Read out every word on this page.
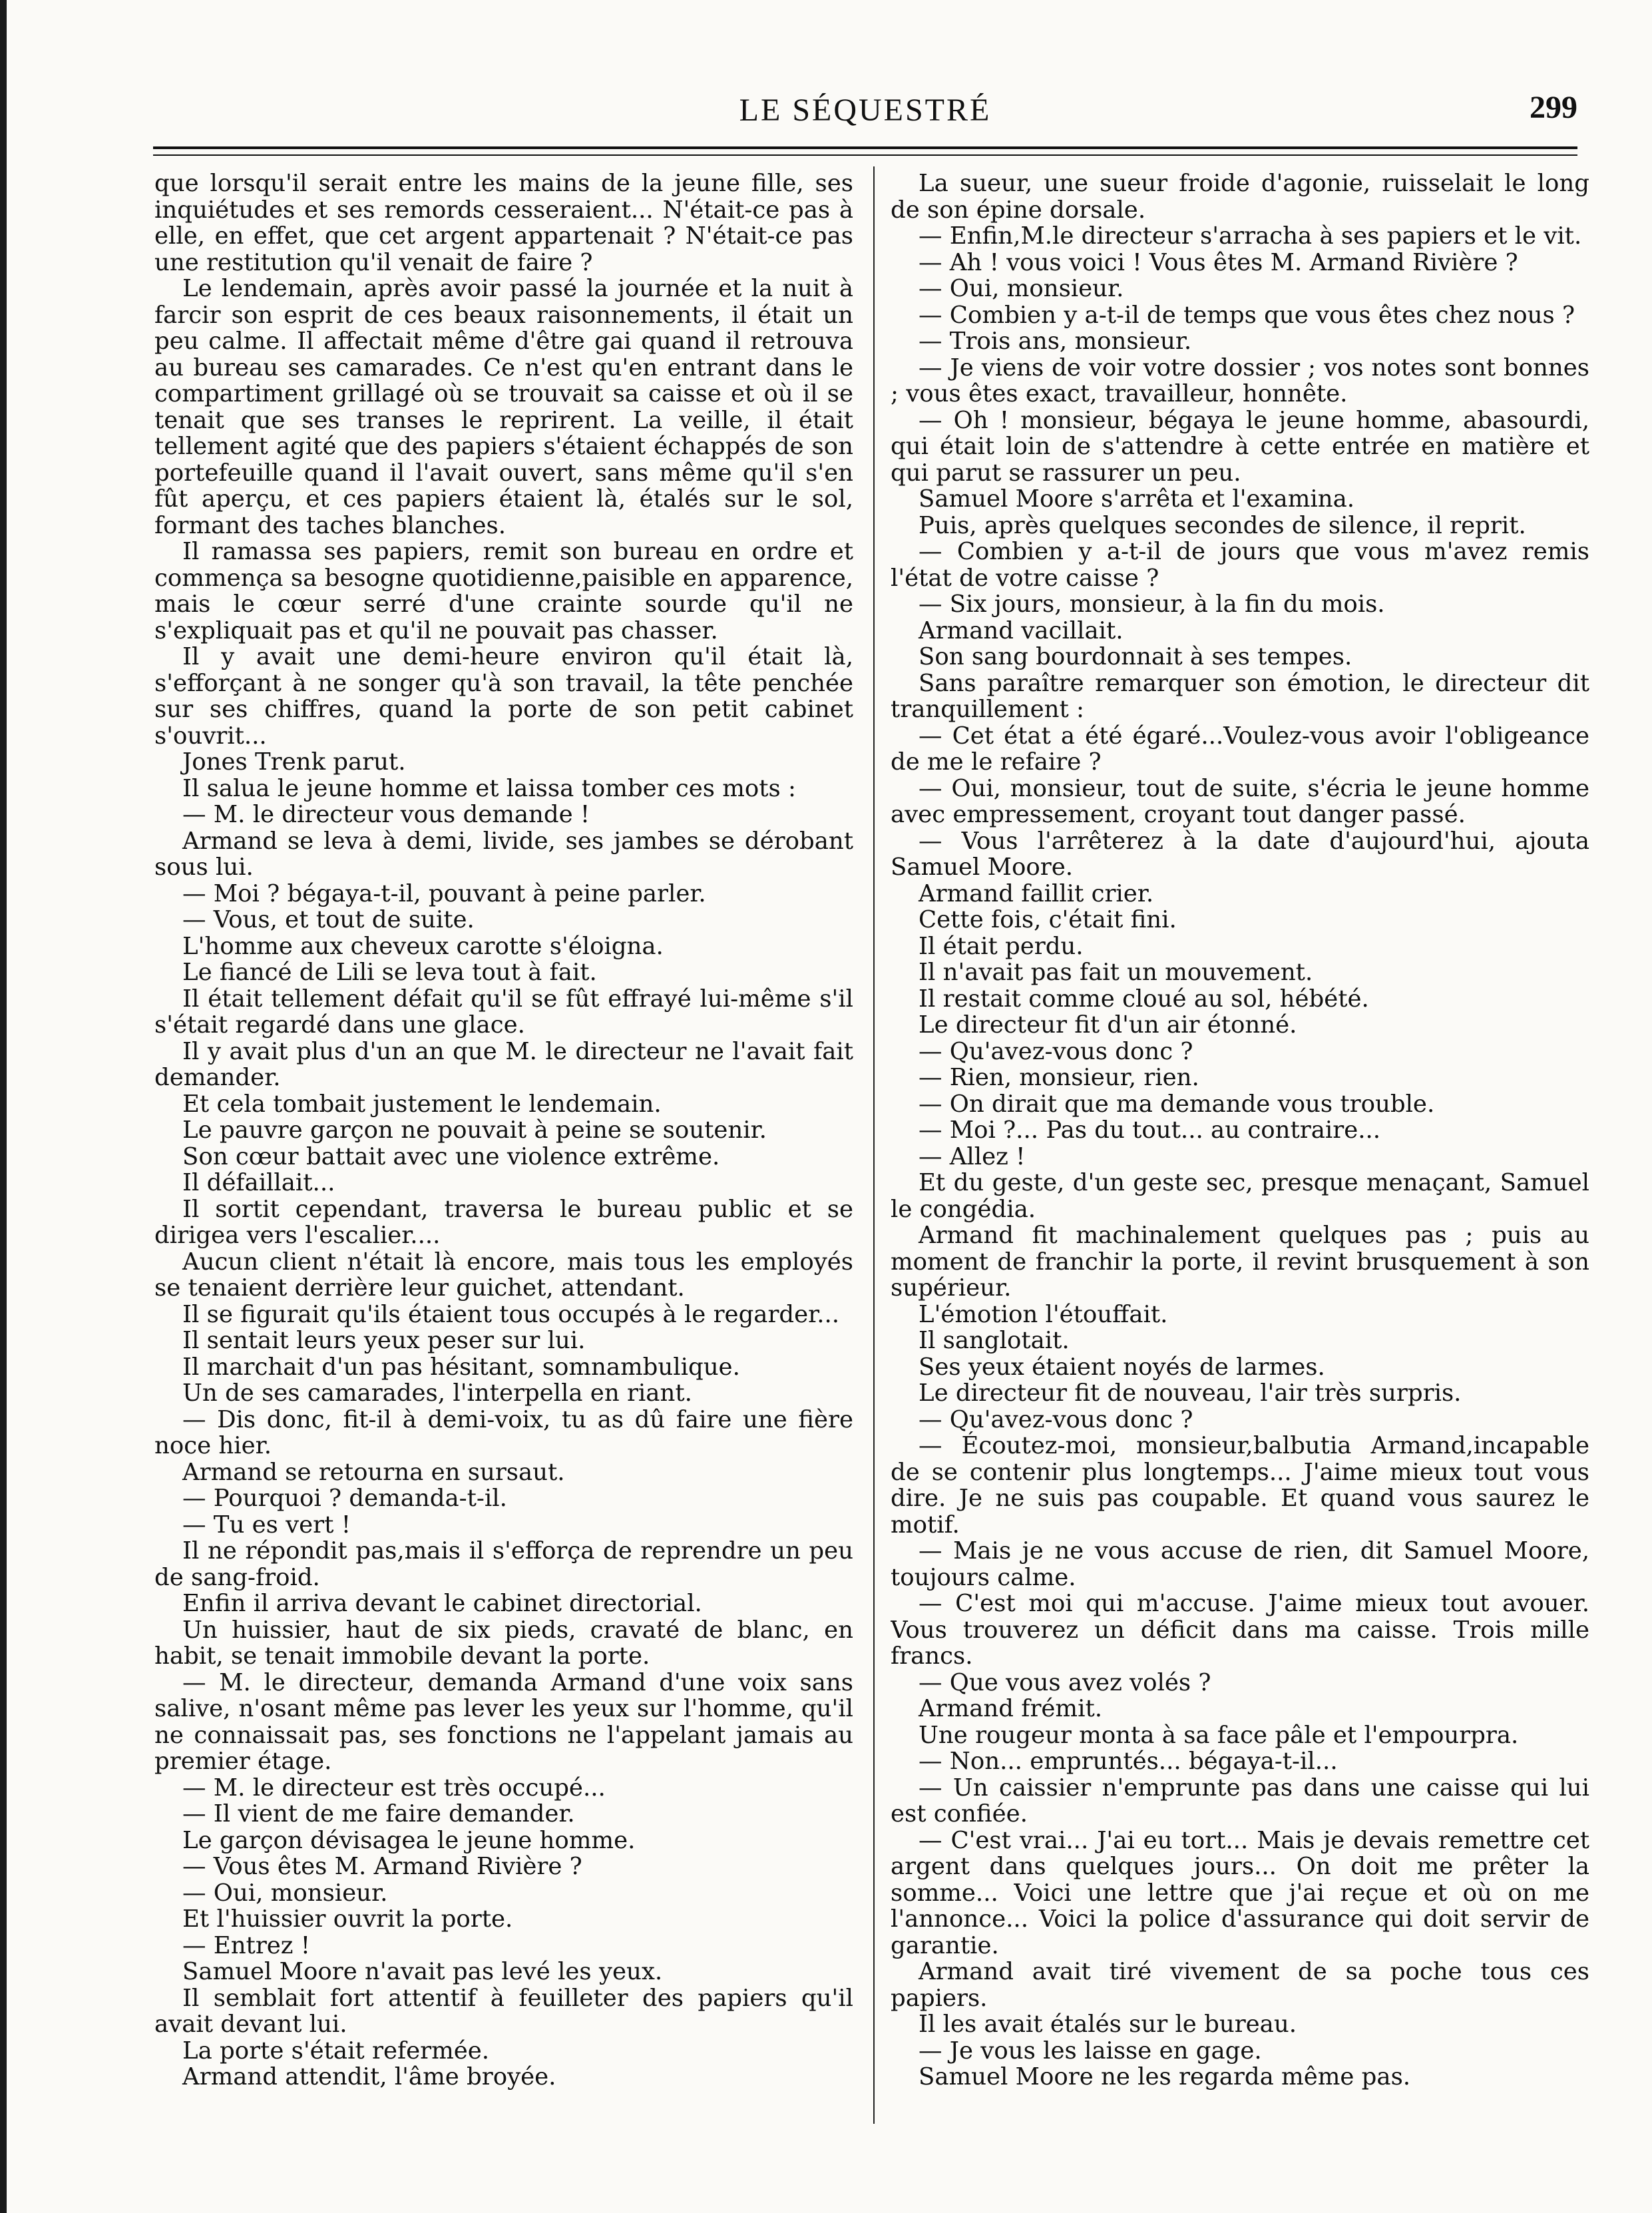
LE SÉQUESTRÉ	299

que lorsqu'il serait entre les mains de la jeune fille, ses inquiétudes et ses remords cesseraient... N'était-ce pas à elle, en effet, que cet argent appartenait ? N'était-ce pas une restitution qu'il venait de faire ?

Le lendemain, après avoir passé la journée et la nuit à farcir son esprit de ces beaux raisonnements, il était un peu calme. Il affectait même d'être gai quand il retrouva au bureau ses camarades. Ce n'est qu'en entrant dans le compartiment grillagé où se trouvait sa caisse et où il se tenait que ses transes le reprirent. La veille, il était tellement agité que des papiers s'étaient échappés de son portefeuille quand il l'avait ouvert, sans même qu'il s'en fût aperçu, et ces papiers étaient là, étalés sur le sol, formant des taches blanches.

Il ramassa ses papiers, remit son bureau en ordre et commença sa besogne quotidienne,paisible en apparence, mais le cœur serré d'une crainte sourde qu'il ne s'expliquait pas et qu'il ne pouvait pas chasser.

Il y avait une demi-heure environ qu'il était là, s'efforçant à ne songer qu'à son travail, la tête penchée sur ses chiffres, quand la porte de son petit cabinet s'ouvrit...

Jones Trenk parut.

Il salua le jeune homme et laissa tomber ces mots :

— M. le directeur vous demande !

Armand se leva à demi, livide, ses jambes se dérobant sous lui.

— Moi ? bégaya-t-il, pouvant à peine parler.

— Vous, et tout de suite.

L'homme aux cheveux carotte s'éloigna.

Le fiancé de Lili se leva tout à fait.

Il était tellement défait qu'il se fût effrayé lui-même s'il s'était regardé dans une glace.

Il y avait plus d'un an que M. le directeur ne l'avait fait demander.

Et cela tombait justement le lendemain.

Le pauvre garçon ne pouvait à peine se soutenir.

Son cœur battait avec une violence extrême.

Il défaillait...

Il sortit cependant, traversa le bureau public et se dirigea vers l'escalier....

Aucun client n'était là encore, mais tous les employés se tenaient derrière leur guichet, attendant.

Il se figurait qu'ils étaient tous occupés à le regarder...

Il sentait leurs yeux peser sur lui.

Il marchait d'un pas hésitant, somnambulique.

Un de ses camarades, l'interpella en riant.

— Dis donc, fit-il à demi-voix, tu as dû faire une fière noce hier.

Armand se retourna en sursaut.

— Pourquoi ? demanda-t-il.

— Tu es vert !

Il ne répondit pas,mais il s'efforça de reprendre un peu de sang-froid.

Enfin il arriva devant le cabinet directorial.

Un huissier, haut de six pieds, cravaté de blanc, en habit, se tenait immobile devant la porte.

— M. le directeur, demanda Armand d'une voix sans salive, n'osant même pas lever les yeux sur l'homme, qu'il ne connaissait pas, ses fonctions ne l'appelant jamais au premier étage.

— M. le directeur est très occupé...

— Il vient de me faire demander.

Le garçon dévisagea le jeune homme.

— Vous êtes M. Armand Rivière ?

— Oui, monsieur.

Et l'huissier ouvrit la porte.

— Entrez !

Samuel Moore n'avait pas levé les yeux.

Il semblait fort attentif à feuilleter des papiers qu'il avait devant lui.

La porte s'était refermée.

Armand attendit, l'âme broyée.

La sueur, une sueur froide d'agonie, ruisselait le long de son épine dorsale.

— Enfin,M.le directeur s'arracha à ses papiers et le vit.

— Ah ! vous voici ! Vous êtes M. Armand Rivière ?

— Oui, monsieur.

— Combien y a-t-il de temps que vous êtes chez nous ?

— Trois ans, monsieur.

— Je viens de voir votre dossier ; vos notes sont bonnes ; vous êtes exact, travailleur, honnête.

— Oh ! monsieur, bégaya le jeune homme, abasourdi, qui était loin de s'attendre à cette entrée en matière et qui parut se rassurer un peu.

Samuel Moore s'arrêta et l'examina.

Puis, après quelques secondes de silence, il reprit.

— Combien y a-t-il de jours que vous m'avez remis l'état de votre caisse ?

— Six jours, monsieur, à la fin du mois.

Armand vacillait.

Son sang bourdonnait à ses tempes.

Sans paraître remarquer son émotion, le directeur dit tranquillement :

— Cet état a été égaré...Voulez-vous avoir l'obligeance de me le refaire ?

— Oui, monsieur, tout de suite, s'écria le jeune homme avec empressement, croyant tout danger passé.

— Vous l'arrêterez à la date d'aujourd'hui, ajouta Samuel Moore.

Armand faillit crier.

Cette fois, c'était fini.

Il était perdu.

Il n'avait pas fait un mouvement.

Il restait comme cloué au sol, hébété.

Le directeur fit d'un air étonné.

— Qu'avez-vous donc ?

— Rien, monsieur, rien.

— On dirait que ma demande vous trouble.

— Moi ?... Pas du tout... au contraire...

— Allez !

Et du geste, d'un geste sec, presque menaçant, Samuel le congédia.

Armand fit machinalement quelques pas ; puis au moment de franchir la porte, il revint brusquement à son supérieur.

L'émotion l'étouffait.

Il sanglotait.

Ses yeux étaient noyés de larmes.

Le directeur fit de nouveau, l'air très surpris.

— Qu'avez-vous donc ?

— Écoutez-moi, monsieur,balbutia Armand,incapable de se contenir plus longtemps... J'aime mieux tout vous dire. Je ne suis pas coupable. Et quand vous saurez le motif.

— Mais je ne vous accuse de rien, dit Samuel Moore, toujours calme.

— C'est moi qui m'accuse. J'aime mieux tout avouer. Vous trouverez un déficit dans ma caisse. Trois mille francs.

— Que vous avez volés ?

Armand frémit.

Une rougeur monta à sa face pâle et l'empourpra.

— Non... empruntés... bégaya-t-il...

— Un caissier n'emprunte pas dans une caisse qui lui est confiée.

— C'est vrai... J'ai eu tort... Mais je devais remettre cet argent dans quelques jours... On doit me prêter la somme... Voici une lettre que j'ai reçue et où on me l'annonce... Voici la police d'assurance qui doit servir de garantie.

Armand avait tiré vivement de sa poche tous ces papiers.

Il les avait étalés sur le bureau.

— Je vous les laisse en gage.

Samuel Moore ne les regarda même pas.
